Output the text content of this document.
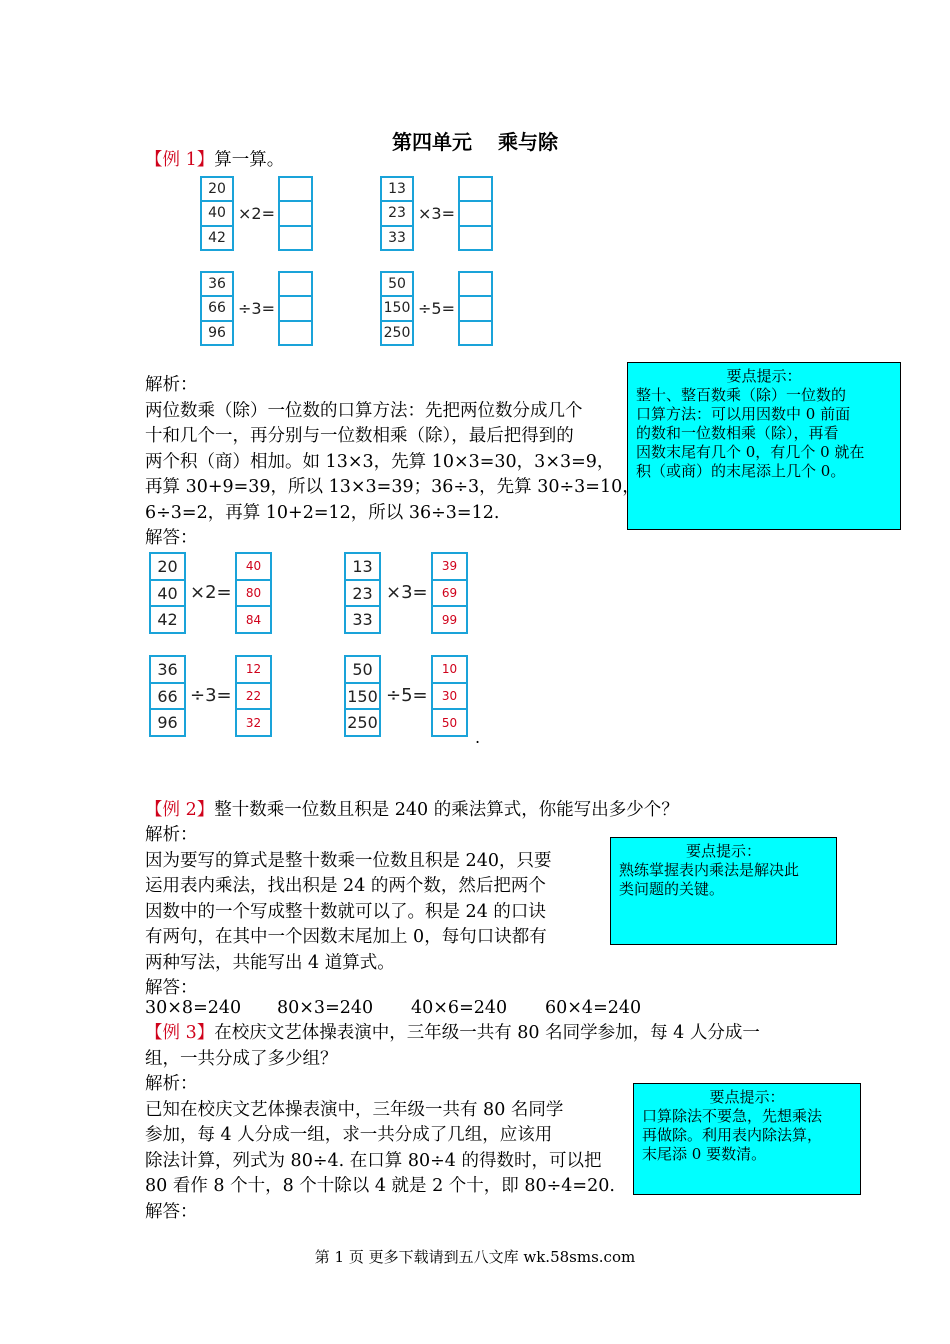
第四单元 乘与除
【例 1】算一算。
20
40
42
×2=
13
23
33
×3=
36
66
96
÷3=
50
150
250
÷5=
要点提示：
整十、整百数乘（除）一位数的
口算方法：可以用因数中 0 前面
的数和一位数相乘（除），再看
因数末尾有几个 0，有几个 0 就在
积（或商）的末尾添上几个 0。
解析：
两位数乘（除）一位数的口算方法：先把两位数分成几个
十和几个一，再分别与一位数相乘（除），最后把得到的
两个积（商）相加。如 13×3，先算 10×3=30，3×3=9，
再算 30+9=39，所以 13×3=39；36÷3，先算 30÷3=10，
6÷3=2，再算 10+2=12，所以 36÷3=12.
解答：
20
40
42
×2=
40
80
84
13
23
33
×3=
39
69
99
36
66
96
÷3=
12
22
32
50
150
250
÷5=
10
30
50
.
【例 2】整十数乘一位数且积是 240 的乘法算式，你能写出多少个？
解析：
因为要写的算式是整十数乘一位数且积是 240，只要
运用表内乘法，找出积是 24 的两个数，然后把两个
因数中的一个写成整十数就可以了。积是 24 的口诀
有两句，在其中一个因数末尾加上 0，每句口诀都有
两种写法，共能写出 4 道算式。
解答：
要点提示：
熟练掌握表内乘法是解决此
类问题的关键。
30×8=240 80×3=240 40×6=240 60×4=240
【例 3】在校庆文艺体操表演中，三年级一共有 80 名同学参加，每 4 人分成一
组，一共分成了多少组？
解析：
已知在校庆文艺体操表演中，三年级一共有 80 名同学
参加，每 4 人分成一组，求一共分成了几组，应该用
除法计算，列式为 80÷4. 在口算 80÷4 的得数时，可以把
80 看作 8 个十，8 个十除以 4 就是 2 个十，即 80÷4=20.
解答：
要点提示：
口算除法不要急，先想乘法
再做除。利用表内除法算，
末尾添 0 要数清。
第 1 页 更多下载请到五八文库 wk.58sms.com
